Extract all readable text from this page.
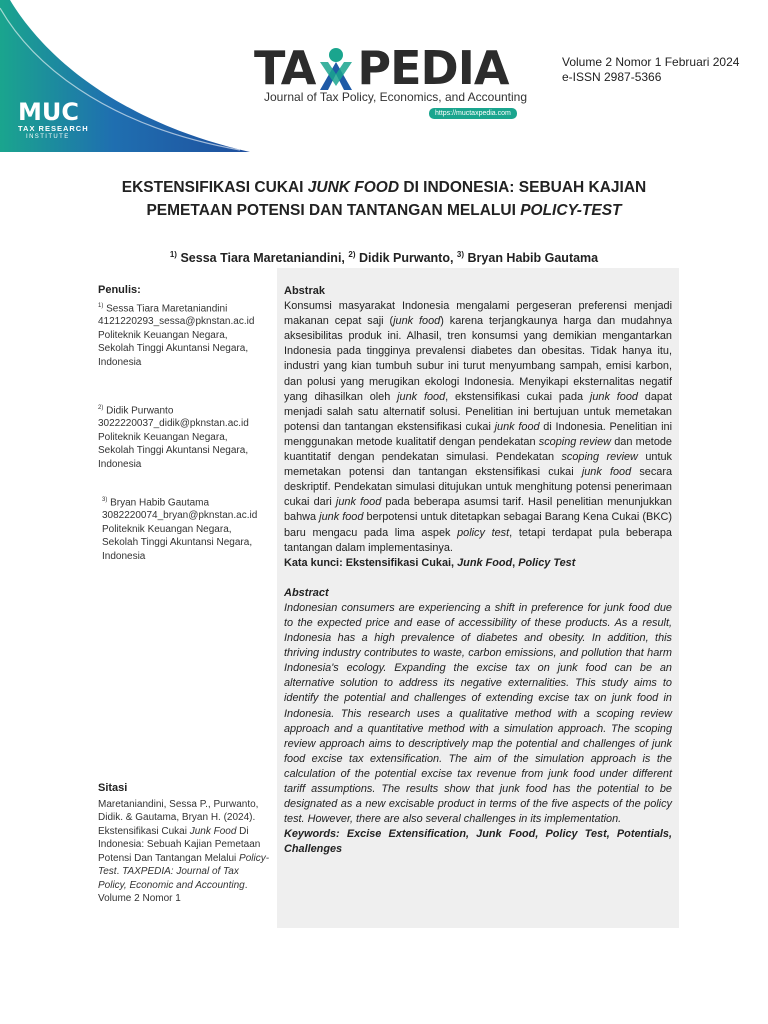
MUC
TAX RESEARCH
INSTITUTE
TA PEDIA
Journal of Tax Policy, Economics, and Accounting
https://muctaxpedia.com
Volume 2 Nomor 1 Februari 2024
e-ISSN 2987-5366
EKSTENSIFIKASI CUKAI JUNK FOOD DI INDONESIA: SEBUAH KAJIAN
PEMETAAN POTENSI DAN TANTANGAN MELALUI POLICY-TEST
$^{1)}$ Sessa Tiara Maretaniandini, $^{2)}$ Didik Purwanto, $^{3)}$ Bryan Habib Gautama
Penulis:
$^{1)}$ Sessa Tiara Maretaniandini
4121220293_sessa@pknstan.ac.id
Politeknik Keuangan Negara,
Sekolah Tinggi Akuntansi Negara,
Indonesia
$^{2)}$ Didik Purwanto
3022220037_didik@pknstan.ac.id
Politeknik Keuangan Negara,
Sekolah Tinggi Akuntansi Negara,
Indonesia
$^{3)}$ Bryan Habib Gautama
3082220074_bryan@pknstan.ac.id
Politeknik Keuangan Negara,
Sekolah Tinggi Akuntansi Negara,
Indonesia
Sitasi
Maretaniandini, Sessa P., Purwanto, Didik. & Gautama, Bryan H. (2024). Ekstensifikasi Cukai Junk Food Di Indonesia: Sebuah Kajian Pemetaan Potensi Dan Tantangan Melalui Policy-Test. TAXPEDIA: Journal of Tax Policy, Economic and Accounting. Volume 2 Nomor 1
Abstrak
Konsumsi masyarakat Indonesia mengalami pergeseran preferensi menjadi makanan cepat saji (junk food) karena terjangkaunya harga dan mudahnya aksesibilitas produk ini. Alhasil, tren konsumsi yang demikian mengantarkan Indonesia pada tingginya prevalensi diabetes dan obesitas. Tidak hanya itu, industri yang kian tumbuh subur ini turut menyumbang sampah, emisi karbon, dan polusi yang merugikan ekologi Indonesia. Menyikapi eksternalitas negatif yang dihasilkan oleh junk food, ekstensifikasi cukai pada junk food dapat menjadi salah satu alternatif solusi. Penelitian ini bertujuan untuk memetakan potensi dan tantangan ekstensifikasi cukai junk food di Indonesia. Penelitian ini menggunakan metode kualitatif dengan pendekatan scoping review dan metode kuantitatif dengan pendekatan simulasi. Pendekatan scoping review untuk memetakan potensi dan tantangan ekstensifikasi cukai junk food secara deskriptif. Pendekatan simulasi ditujukan untuk menghitung potensi penerimaan cukai dari junk food pada beberapa asumsi tarif. Hasil penelitian menunjukkan bahwa junk food berpotensi untuk ditetapkan sebagai Barang Kena Cukai (BKC) baru mengacu pada lima aspek policy test, tetapi terdapat pula beberapa tantangan dalam implementasinya.
Kata kunci: Ekstensifikasi Cukai, Junk Food, Policy Test
Abstract
Indonesian consumers are experiencing a shift in preference for junk food due to the expected price and ease of accessibility of these products. As a result, Indonesia has a high prevalence of diabetes and obesity. In addition, this thriving industry contributes to waste, carbon emissions, and pollution that harm Indonesia's ecology. Expanding the excise tax on junk food can be an alternative solution to address its negative externalities. This study aims to identify the potential and challenges of extending excise tax on junk food in Indonesia. This research uses a qualitative method with a scoping review approach and a quantitative method with a simulation approach. The scoping review approach aims to descriptively map the potential and challenges of junk food excise tax extensification. The aim of the simulation approach is the calculation of the potential excise tax revenue from junk food under different tariff assumptions. The results show that junk food has the potential to be designated as a new excisable product in terms of the five aspects of the policy test. However, there are also several challenges in its implementation.
Keywords: Excise Extensification, Junk Food, Policy Test, Potentials, Challenges
